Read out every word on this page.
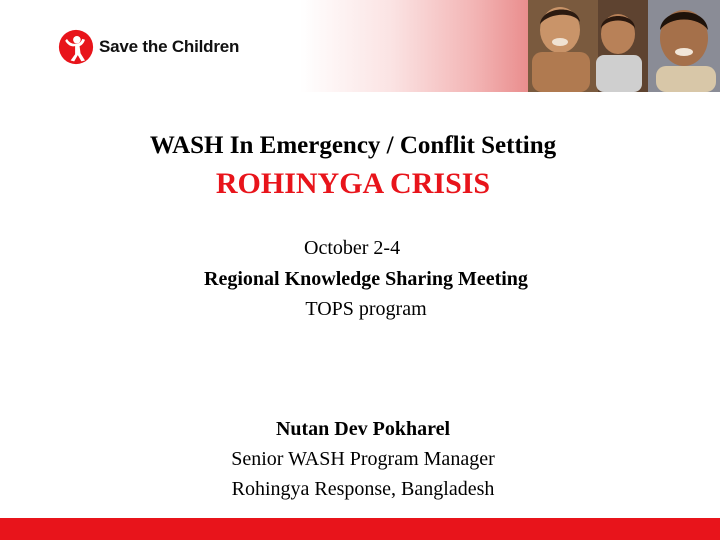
Save the Children
WASH In Emergency / Conflit Setting
ROHINYGA CRISIS
October 2-4
Regional Knowledge Sharing Meeting
TOPS program
Nutan Dev Pokharel
Senior WASH Program Manager
Rohingya Response, Bangladesh
